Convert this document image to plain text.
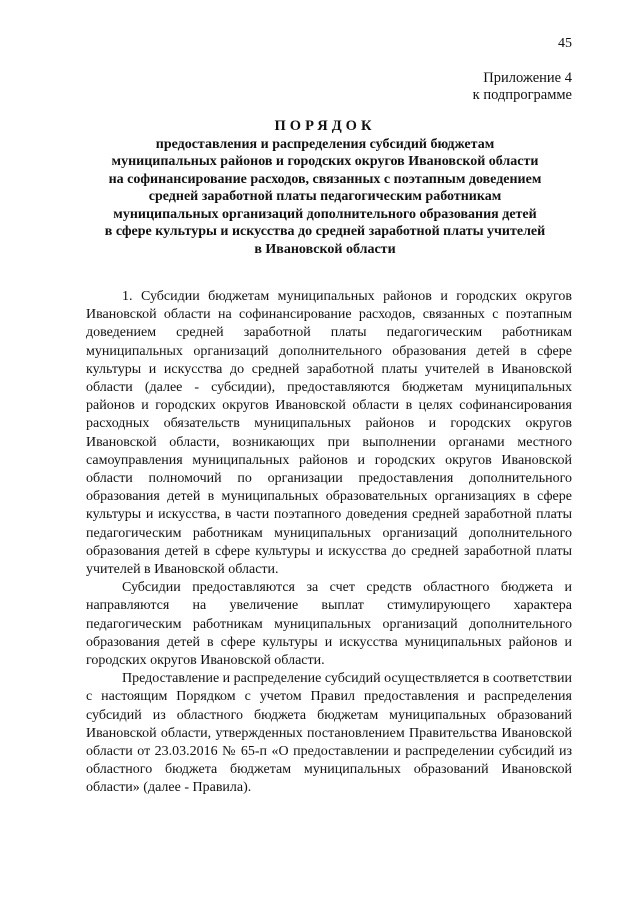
45
Приложение 4
к подпрограмме
ПОРЯДОК
предоставления и распределения субсидий бюджетам
муниципальных районов и городских округов Ивановской области
на софинансирование расходов, связанных с поэтапным доведением
средней заработной платы педагогическим работникам
муниципальных организаций дополнительного образования детей
в сфере культуры и искусства до средней заработной платы учителей
в Ивановской области

1. Субсидии бюджетам муниципальных районов и городских округов Ивановской области на софинансирование расходов, связанных с поэтапным доведением средней заработной платы педагогическим работникам муниципальных организаций дополнительного образования детей в сфере культуры и искусства до средней заработной платы учителей в Ивановской области (далее - субсидии), предоставляются бюджетам муниципальных районов и городских округов Ивановской области в целях софинансирования расходных обязательств муниципальных районов и городских округов Ивановской области, возникающих при выполнении органами местного самоуправления муниципальных районов и городских округов Ивановской области полномочий по организации предоставления дополнительного образования детей в муниципальных образовательных организациях в сфере культуры и искусства, в части поэтапного доведения средней заработной платы педагогическим работникам муниципальных организаций дополнительного образования детей в сфере культуры и искусства до средней заработной платы учителей в Ивановской области.

Субсидии предоставляются за счет средств областного бюджета и направляются на увеличение выплат стимулирующего характера педагогическим работникам муниципальных организаций дополнительного образования детей в сфере культуры и искусства муниципальных районов и городских округов Ивановской области.

Предоставление и распределение субсидий осуществляется в соответствии с настоящим Порядком с учетом Правил предоставления и распределения субсидий из областного бюджета бюджетам муниципальных образований Ивановской области, утвержденных постановлением Правительства Ивановской области от 23.03.2016 № 65-п «О предоставлении и распределении субсидий из областного бюджета бюджетам муниципальных образований Ивановской области» (далее - Правила).
